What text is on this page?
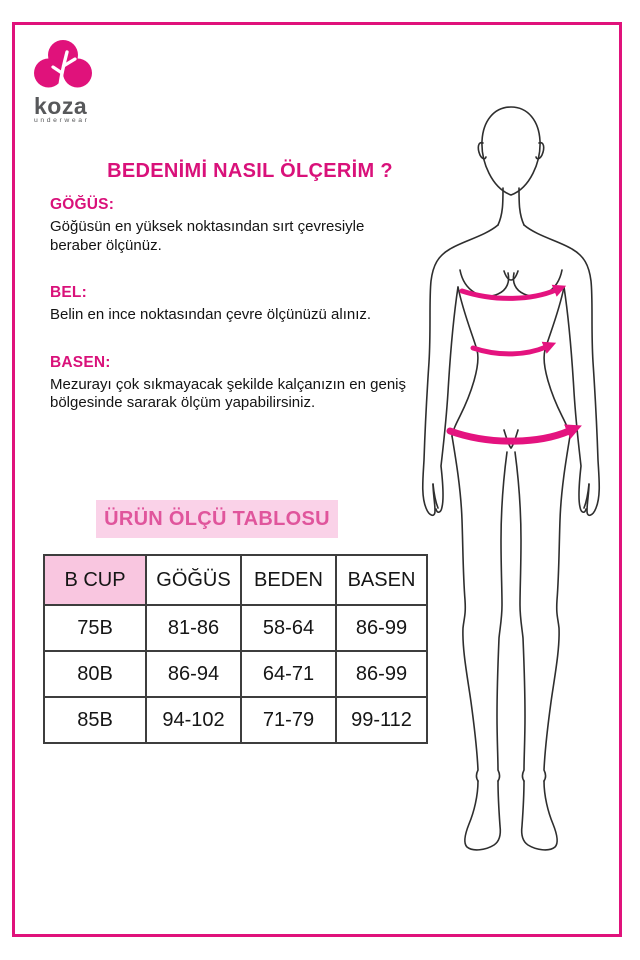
koza
underwear
BEDENİMİ NASIL ÖLÇERİM ?
GÖĞÜS:

Göğüsün en yüksek noktasından sırt çevresiyle beraber ölçünüz.

BEL:

Belin en ince noktasından çevre ölçünüzü alınız.

BASEN:

Mezurayı çok sıkmayacak şekilde kalçanızın en geniş bölgesinde sararak ölçüm yapabilirsiniz.

ÜRÜN ÖLÇÜ TABLOSU
B CUP	GÖĞÜS	BEDEN	BASEN
75B	81-86	58-64	86-99
80B	86-94	64-71	86-99
85B	94-102	71-79	99-112
